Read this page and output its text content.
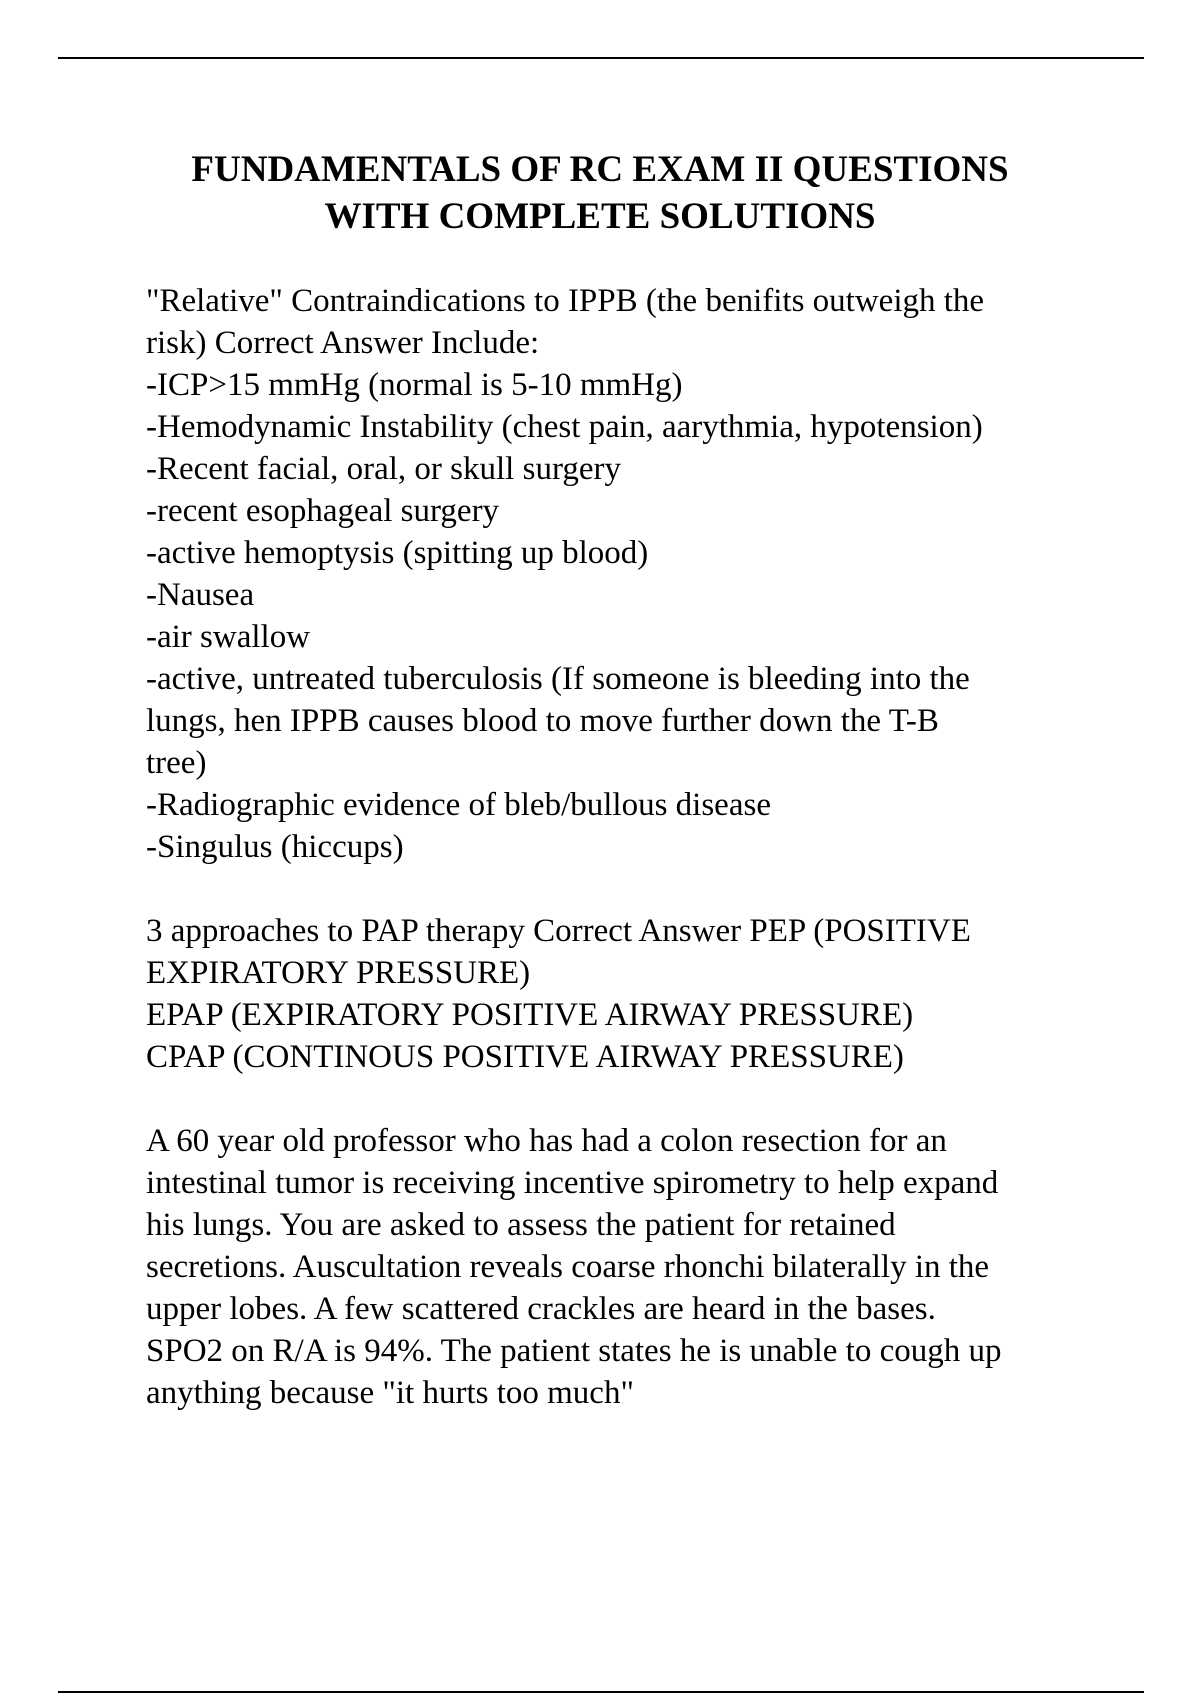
FUNDAMENTALS OF RC EXAM II QUESTIONS
WITH COMPLETE SOLUTIONS
"Relative" Contraindications to IPPB (the benifits outweigh the
risk) Correct Answer Include:
-ICP>15 mmHg (normal is 5-10 mmHg)
-Hemodynamic Instability (chest pain, aarythmia, hypotension)
-Recent facial, oral, or skull surgery
-recent esophageal surgery
-active hemoptysis (spitting up blood)
-Nausea
-air swallow
-active, untreated tuberculosis (If someone is bleeding into the
lungs, hen IPPB causes blood to move further down the T-B
tree)
-Radiographic evidence of bleb/bullous disease
-Singulus (hiccups)
3 approaches to PAP therapy Correct Answer PEP (POSITIVE
EXPIRATORY PRESSURE)
EPAP (EXPIRATORY POSITIVE AIRWAY PRESSURE)
CPAP (CONTINOUS POSITIVE AIRWAY PRESSURE)
A 60 year old professor who has had a colon resection for an
intestinal tumor is receiving incentive spirometry to help expand
his lungs. You are asked to assess the patient for retained
secretions. Auscultation reveals coarse rhonchi bilaterally in the
upper lobes. A few scattered crackles are heard in the bases.
SPO2 on R/A is 94%. The patient states he is unable to cough up
anything because "it hurts too much"
